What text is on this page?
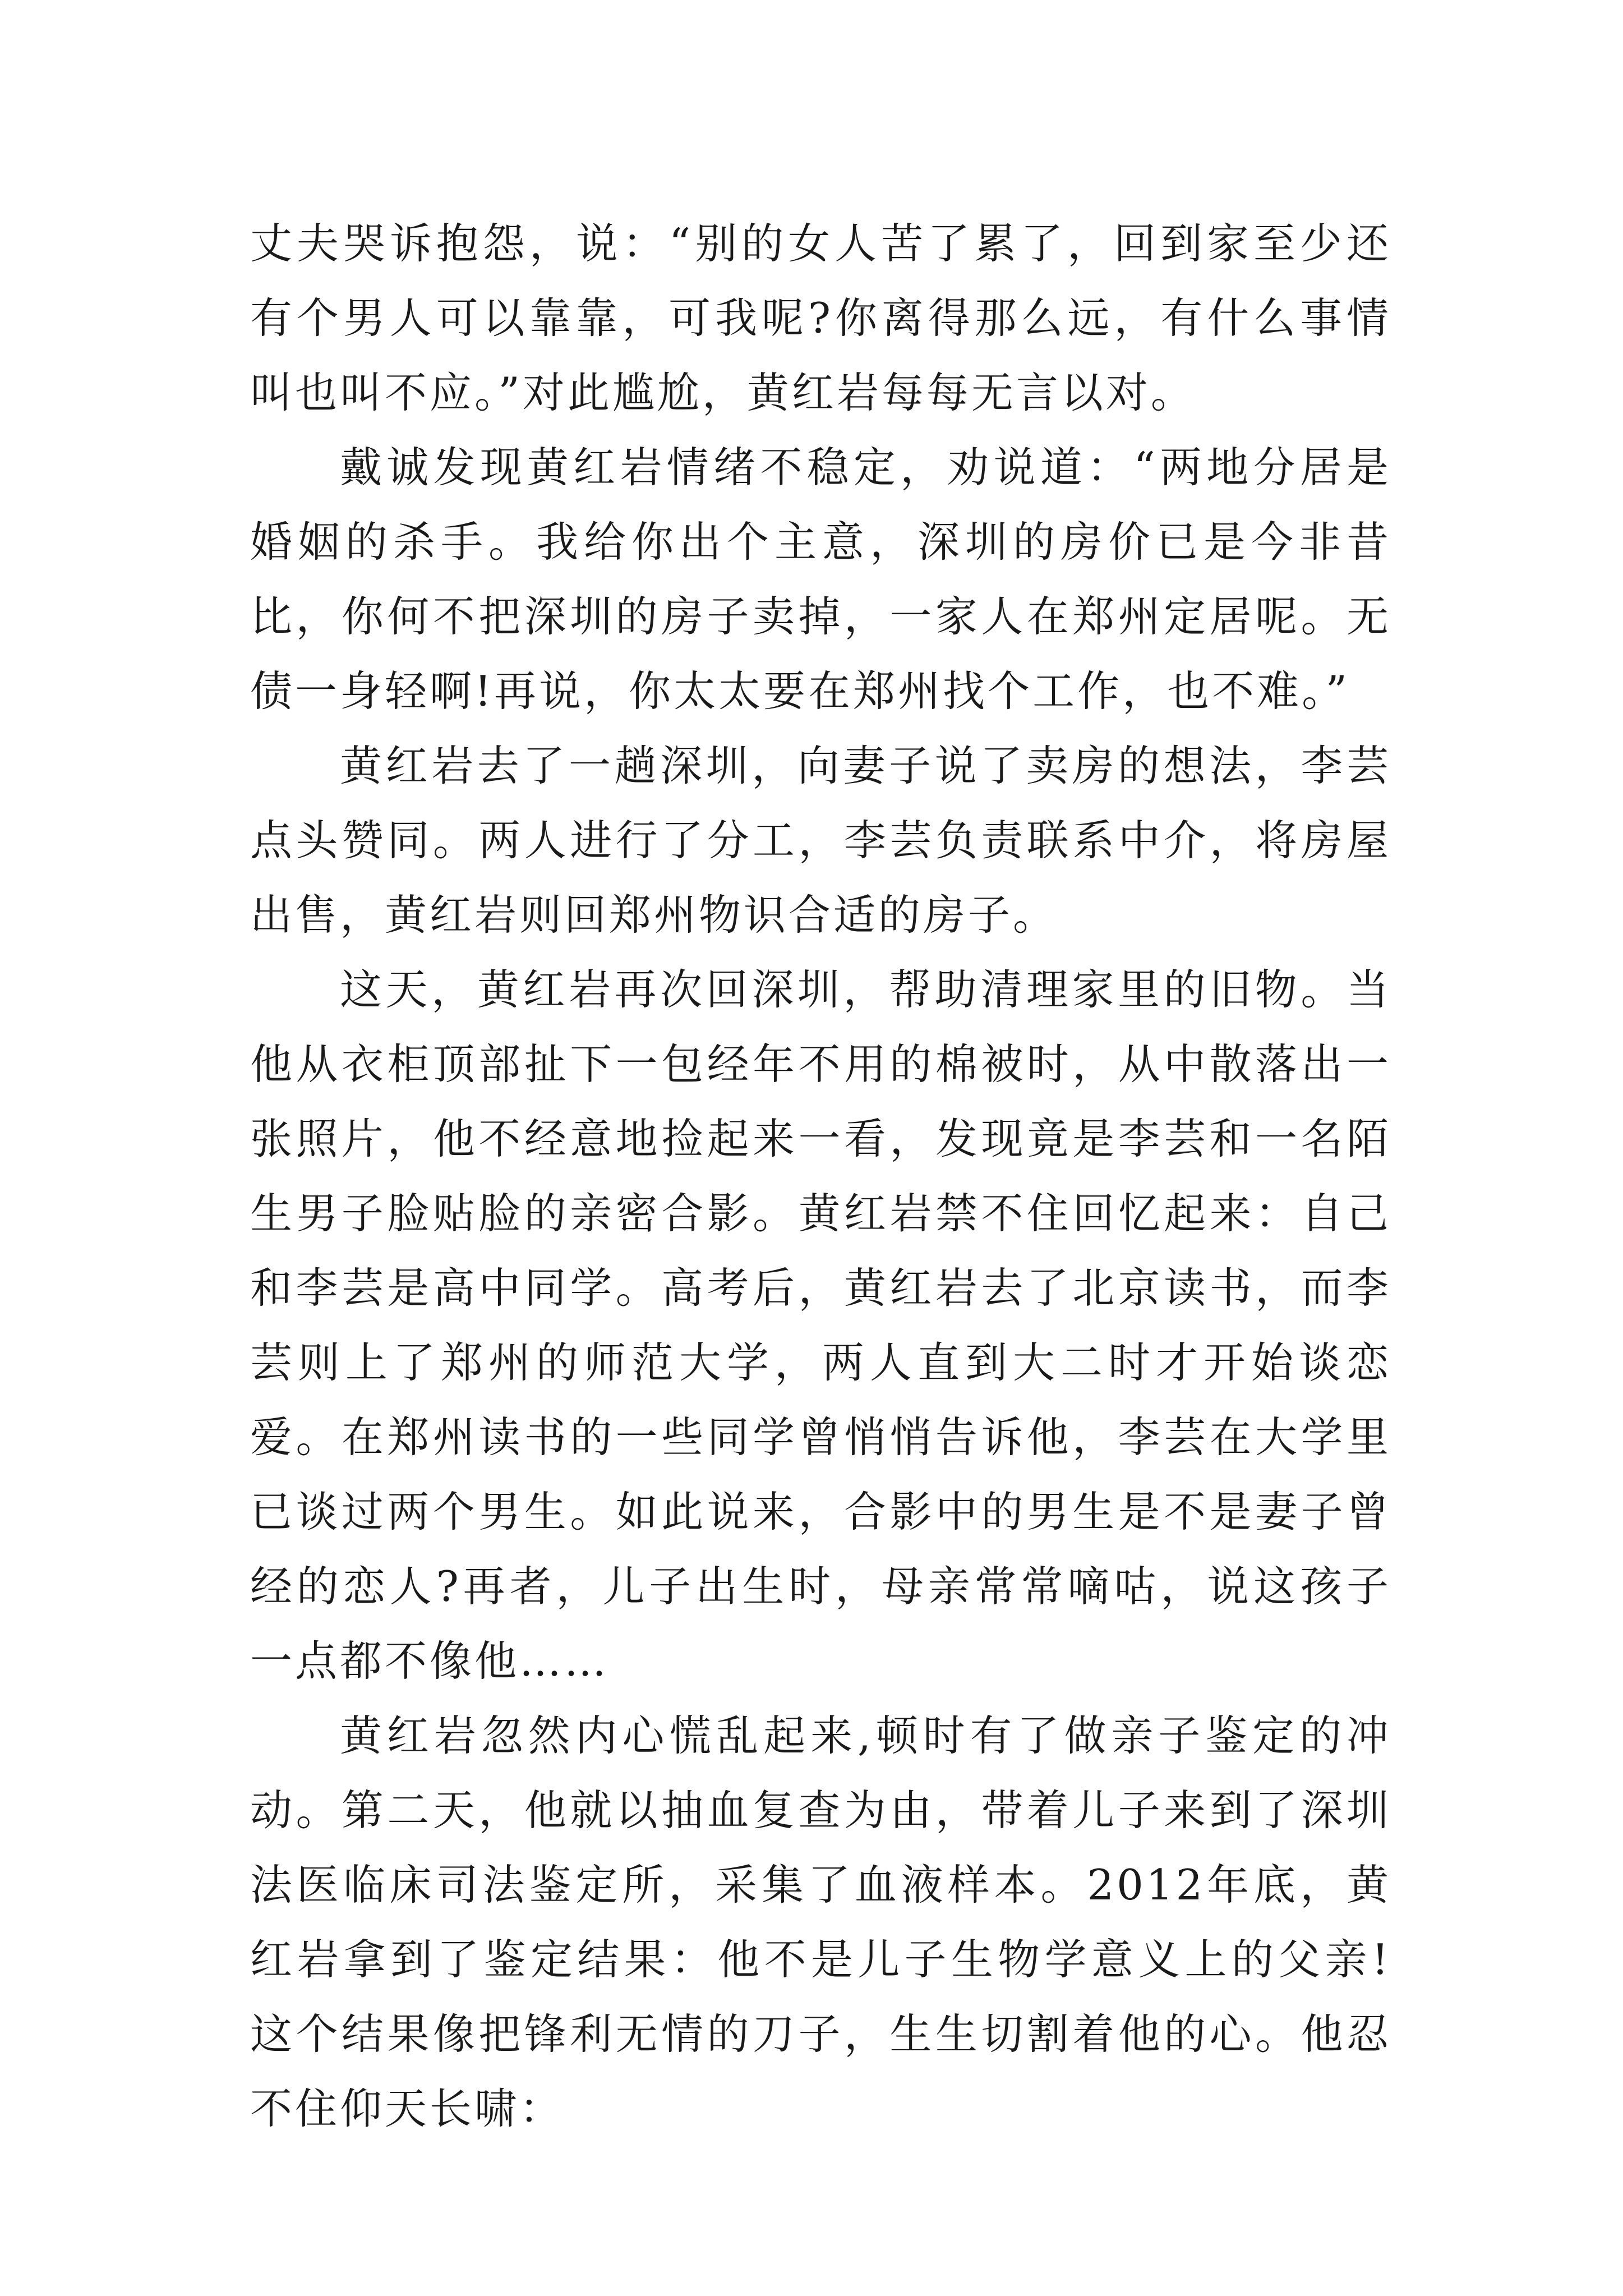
丈夫哭诉抱怨，说：“别的女人苦了累了，回到家至少还有个男人可以靠靠，可我呢?你离得那么远，有什么事情叫也叫不应。”对此尴尬，黄红岩每每无言以对。

戴诚发现黄红岩情绪不稳定，劝说道：“两地分居是婚姻的杀手。我给你出个主意，深圳的房价已是今非昔比，你何不把深圳的房子卖掉，一家人在郑州定居呢。无债一身轻啊!再说，你太太要在郑州找个工作，也不难。”

黄红岩去了一趟深圳，向妻子说了卖房的想法，李芸点头赞同。两人进行了分工，李芸负责联系中介，将房屋出售，黄红岩则回郑州物识合适的房子。

这天，黄红岩再次回深圳，帮助清理家里的旧物。当他从衣柜顶部扯下一包经年不用的棉被时，从中散落出一张照片，他不经意地捡起来一看，发现竟是李芸和一名陌生男子脸贴脸的亲密合影。黄红岩禁不住回忆起来：自己和李芸是高中同学。高考后，黄红岩去了北京读书，而李芸则上了郑州的师范大学，两人直到大二时才开始谈恋爱。在郑州读书的一些同学曾悄悄告诉他，李芸在大学里已谈过两个男生。如此说来，合影中的男生是不是妻子曾经的恋人?再者，儿子出生时，母亲常常嘀咕，说这孩子一点都不像他……

黄红岩忽然内心慌乱起来,顿时有了做亲子鉴定的冲动。第二天，他就以抽血复查为由，带着儿子来到了深圳法医临床司法鉴定所，采集了血液样本。2012年底，黄红岩拿到了鉴定结果：他不是儿子生物学意义上的父亲!这个结果像把锋利无情的刀子，生生切割着他的心。他忍不住仰天长啸：
